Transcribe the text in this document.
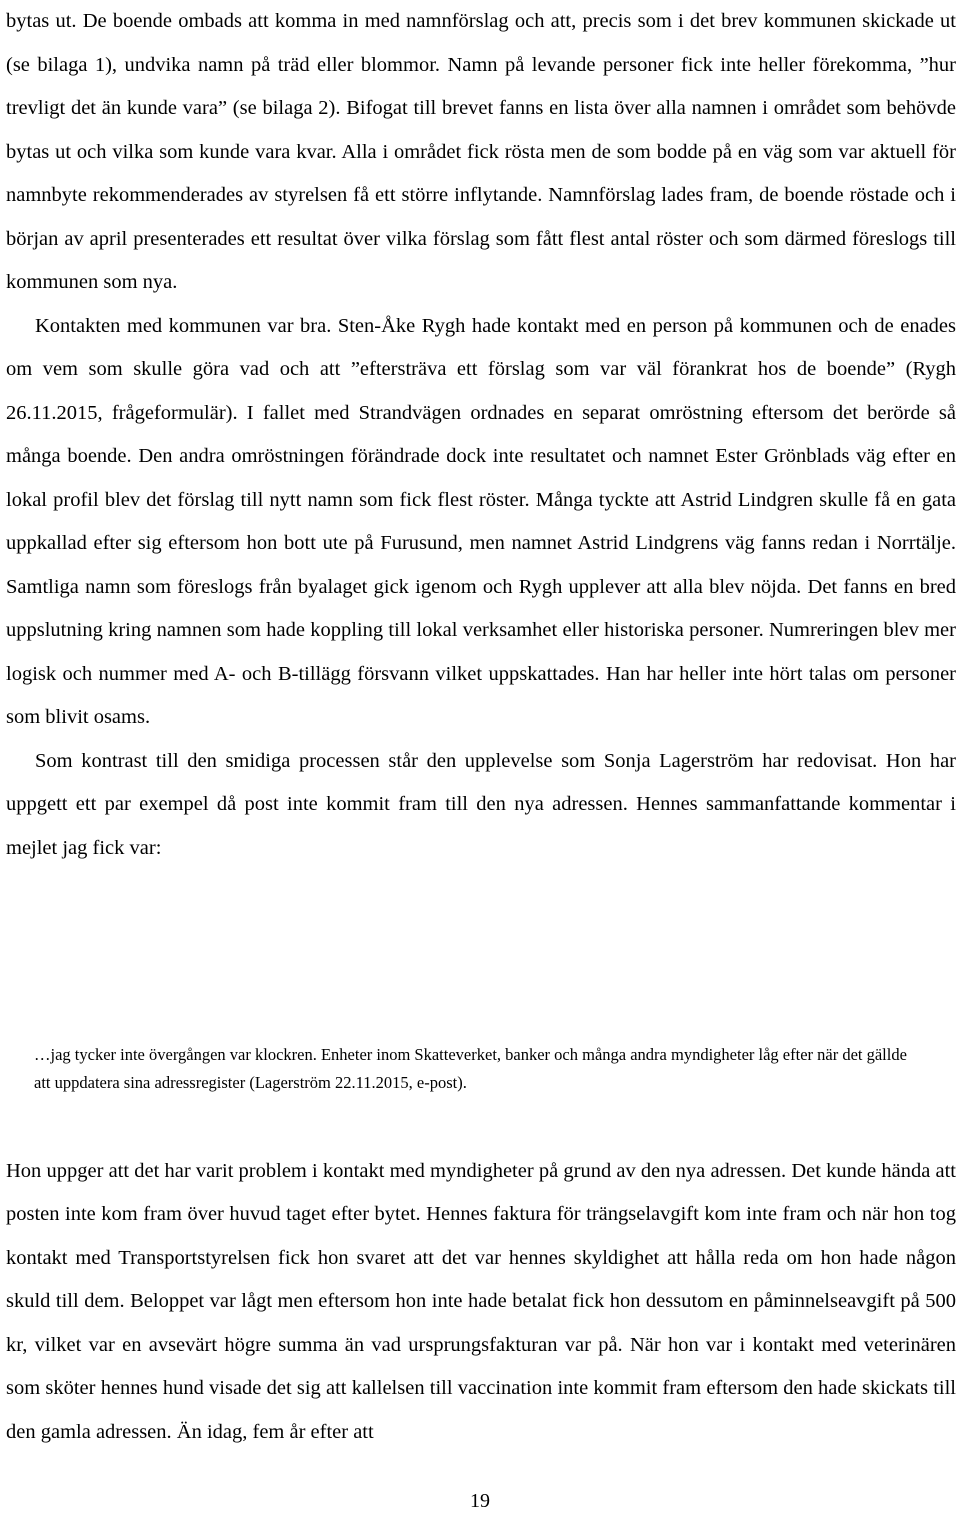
bytas ut. De boende ombads att komma in med namnförslag och att, precis som i det brev kommunen skickade ut (se bilaga 1), undvika namn på träd eller blommor. Namn på levande personer fick inte heller förekomma, ”hur trevligt det än kunde vara” (se bilaga 2). Bifogat till brevet fanns en lista över alla namnen i området som behövde bytas ut och vilka som kunde vara kvar. Alla i området fick rösta men de som bodde på en väg som var aktuell för namnbyte rekommenderades av styrelsen få ett större inflytande. Namnförslag lades fram, de boende röstade och i början av april presenterades ett resultat över vilka förslag som fått flest antal röster och som därmed föreslogs till kommunen som nya.

Kontakten med kommunen var bra. Sten-Åke Rygh hade kontakt med en person på kommunen och de enades om vem som skulle göra vad och att ”eftersträva ett förslag som var väl förankrat hos de boende” (Rygh 26.11.2015, frågeformulär). I fallet med Strandvägen ordnades en separat omröstning eftersom det berörde så många boende. Den andra omröstningen förändrade dock inte resultatet och namnet Ester Grönblads väg efter en lokal profil blev det förslag till nytt namn som fick flest röster. Många tyckte att Astrid Lindgren skulle få en gata uppkallad efter sig eftersom hon bott ute på Furusund, men namnet Astrid Lindgrens väg fanns redan i Norrtälje. Samtliga namn som föreslogs från byalaget gick igenom och Rygh upplever att alla blev nöjda. Det fanns en bred uppslutning kring namnen som hade koppling till lokal verksamhet eller historiska personer. Numreringen blev mer logisk och nummer med A- och B-tillägg försvann vilket uppskattades. Han har heller inte hört talas om personer som blivit osams.

Som kontrast till den smidiga processen står den upplevelse som Sonja Lagerström har redovisat. Hon har uppgett ett par exempel då post inte kommit fram till den nya adressen. Hennes sammanfattande kommentar i mejlet jag fick var:

…jag tycker inte övergången var klockren. Enheter inom Skatteverket, banker och många andra myndigheter låg efter när det gällde att uppdatera sina adressregister (Lagerström 22.11.2015, e-post).

Hon uppger att det har varit problem i kontakt med myndigheter på grund av den nya adressen. Det kunde hända att posten inte kom fram över huvud taget efter bytet. Hennes faktura för trängselavgift kom inte fram och när hon tog kontakt med Transportstyrelsen fick hon svaret att det var hennes skyldighet att hålla reda om hon hade någon skuld till dem. Beloppet var lågt men eftersom hon inte hade betalat fick hon dessutom en påminnelseavgift på 500 kr, vilket var en avsevärt högre summa än vad ursprungsfakturan var på. När hon var i kontakt med veterinären som sköter hennes hund visade det sig att kallelsen till vaccination inte kommit fram eftersom den hade skickats till den gamla adressen. Än idag, fem år efter att

19
